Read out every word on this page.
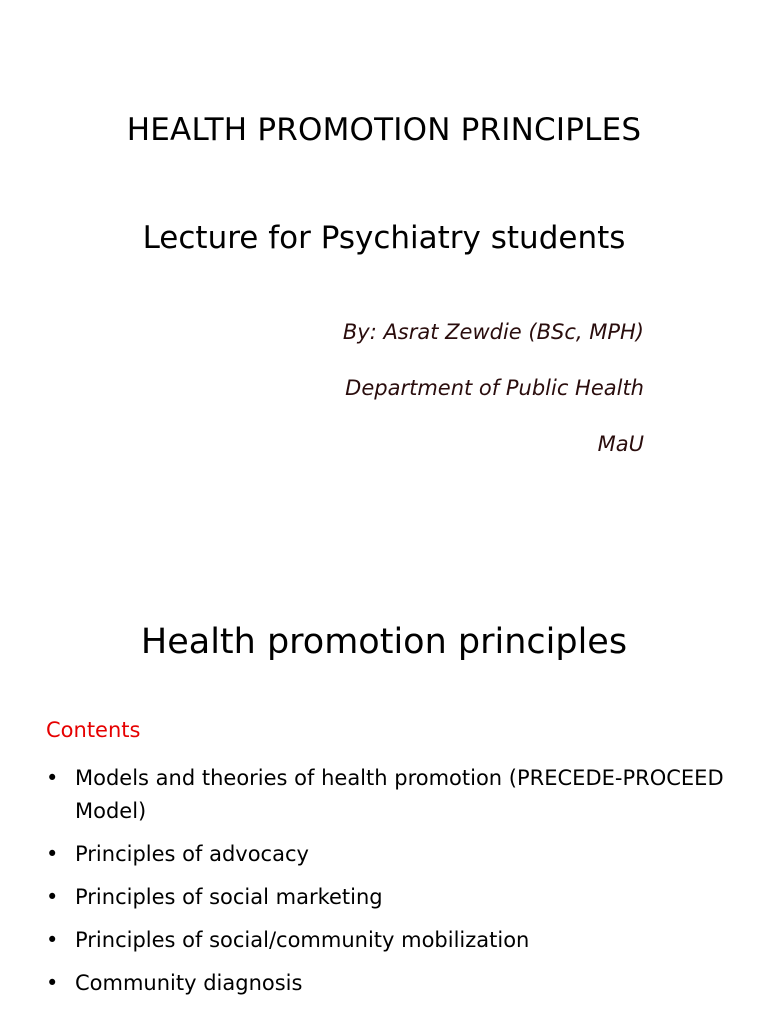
HEALTH PROMOTION PRINCIPLES
Lecture for Psychiatry students
By: Asrat Zewdie (BSc, MPH)
Department of Public Health
MaU
Health promotion principles
Contents
• Models and theories of health promotion (PRECEDE-PROCEED Model)
• Principles of advocacy
• Principles of social marketing
• Principles of social/community mobilization
• Community diagnosis
